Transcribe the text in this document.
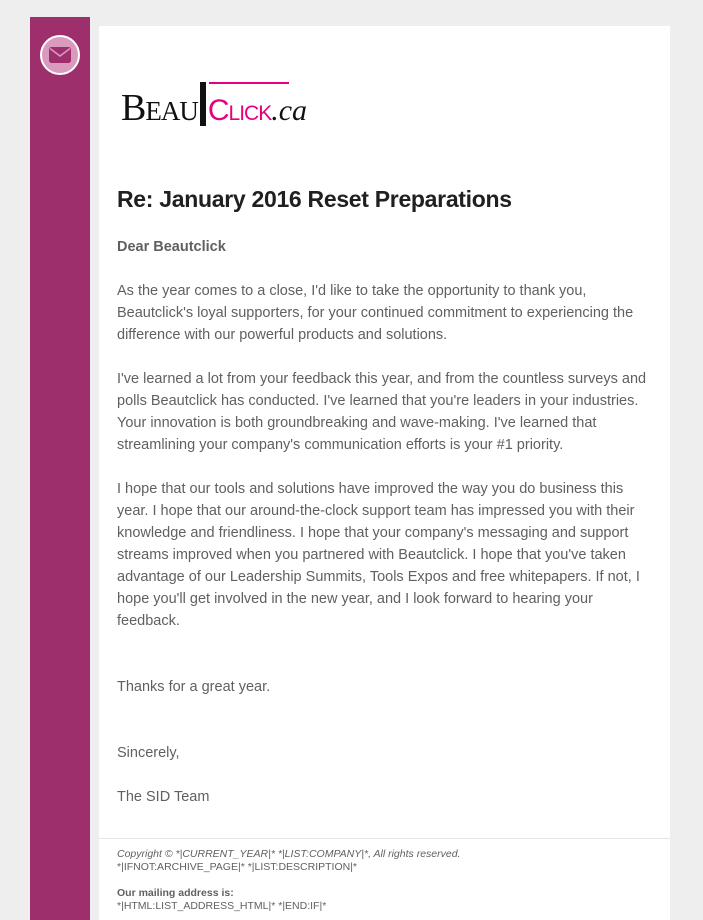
Beau Click.ca
Re: January 2016 Reset Preparations

Dear Beautclick

As the year comes to a close, I'd like to take the opportunity to thank you, Beautclick's loyal supporters, for your continued commitment to experiencing the difference with our powerful products and solutions.

I've learned a lot from your feedback this year, and from the countless surveys and polls Beautclick has conducted. I've learned that you're leaders in your industries. Your innovation is both groundbreaking and wave-making. I've learned that streamlining your company's communication efforts is your #1 priority.

I hope that our tools and solutions have improved the way you do business this year. I hope that our around-the-clock support team has impressed you with their knowledge and friendliness. I hope that your company's messaging and support streams improved when you partnered with Beautclick. I hope that you've taken advantage of our Leadership Summits, Tools Expos and free whitepapers. If not, I hope you'll get involved in the new year, and I look forward to hearing your feedback.

Thanks for a great year.

Sincerely,

The SID Team

Copyright © *|CURRENT_YEAR|* *|LIST:COMPANY|*, All rights reserved.
*|IFNOT:ARCHIVE_PAGE|* *|LIST:DESCRIPTION|*
Our mailing address is:
*|HTML:LIST_ADDRESS_HTML|* *|END:IF|*
